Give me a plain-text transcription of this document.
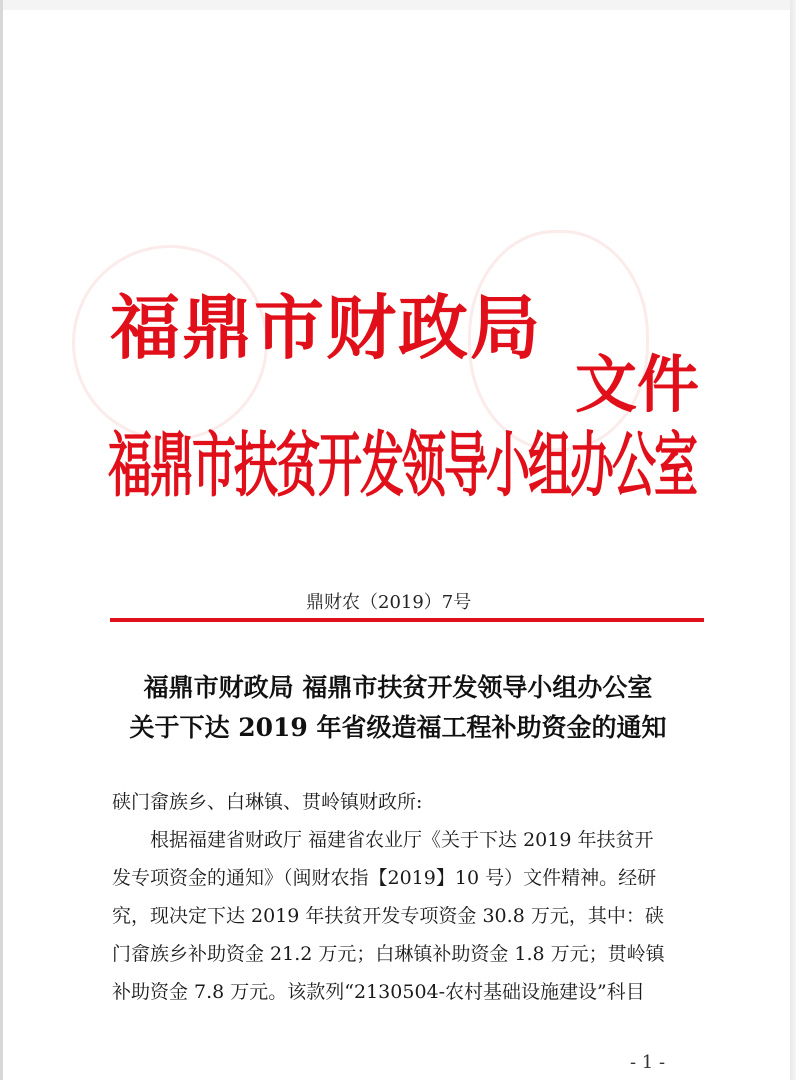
福鼎市财政局
福鼎市扶贫开发领导小组办公室
文件
鼎财农（2019）7号
福鼎市财政局 福鼎市扶贫开发领导小组办公室
关于下达 2019 年省级造福工程补助资金的通知
硖门畲族乡、白琳镇、贯岭镇财政所:
　　根据福建省财政厅 福建省农业厅《关于下达 2019 年扶贫开
发专项资金的通知》（闽财农指【2019】10 号）文件精神。经研
究，现决定下达 2019 年扶贫开发专项资金 30.8 万元，其中：硖
门畲族乡补助资金 21.2 万元；白琳镇补助资金 1.8 万元；贯岭镇
补助资金 7.8 万元。该款列“2130504-农村基础设施建设”科目
- 1 -
